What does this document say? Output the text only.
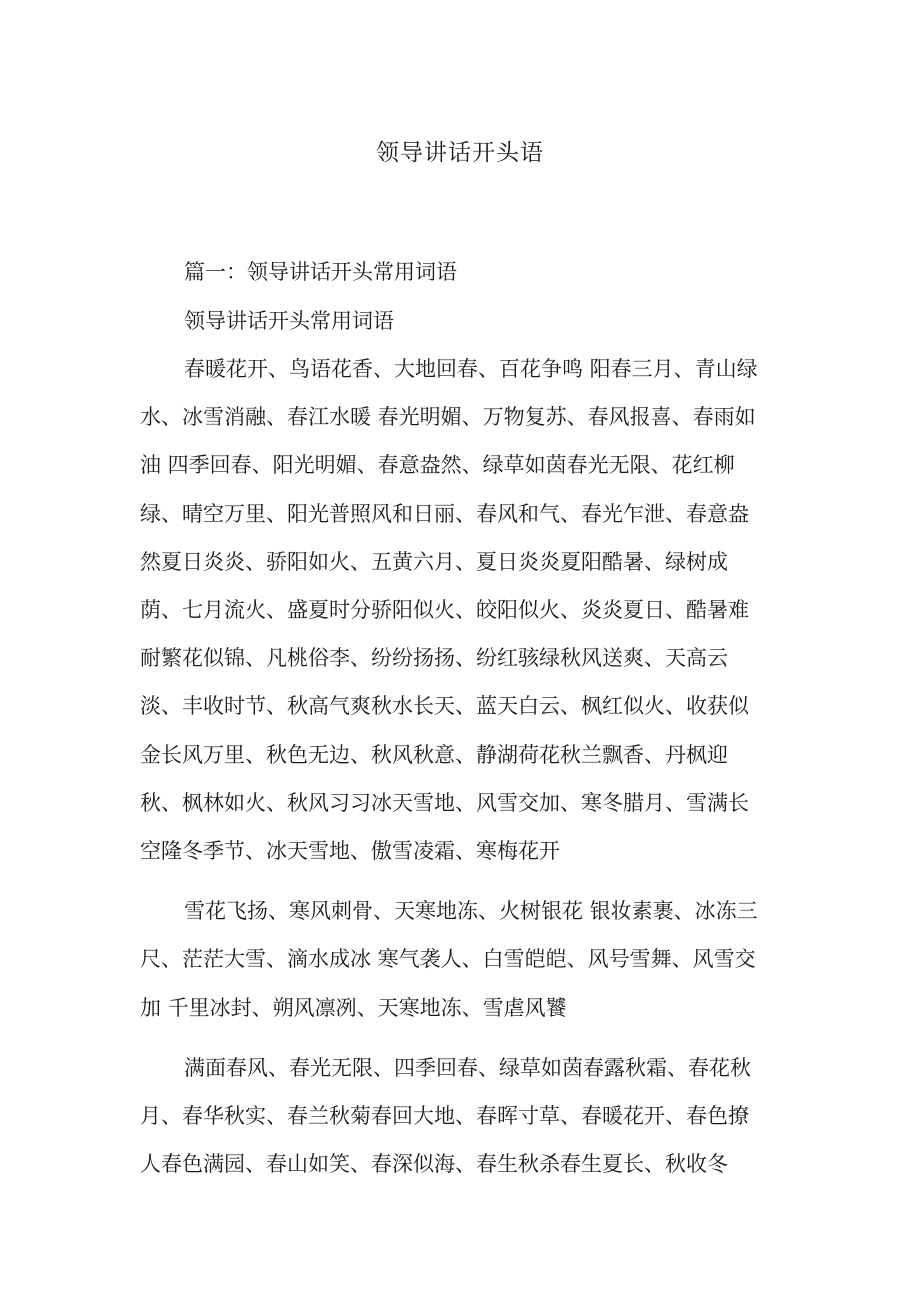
领导讲话开头语
篇一：领导讲话开头常用词语
领导讲话开头常用词语
春暖花开、鸟语花香、大地回春、百花争鸣 阳春三月、青山绿
水、冰雪消融、春江水暖 春光明媚、万物复苏、春风报喜、春雨如
油 四季回春、阳光明媚、春意盎然、绿草如茵春光无限、花红柳
绿、晴空万里、阳光普照风和日丽、春风和气、春光乍泄、春意盎
然夏日炎炎、骄阳如火、五黄六月、夏日炎炎夏阳酷暑、绿树成
荫、七月流火、盛夏时分骄阳似火、皎阳似火、炎炎夏日、酷暑难
耐繁花似锦、凡桃俗李、纷纷扬扬、纷红骇绿秋风送爽、天高云
淡、丰收时节、秋高气爽秋水长天、蓝天白云、枫红似火、收获似
金长风万里、秋色无边、秋风秋意、静湖荷花秋兰飘香、丹枫迎
秋、枫林如火、秋风习习冰天雪地、风雪交加、寒冬腊月、雪满长
空隆冬季节、冰天雪地、傲雪凌霜、寒梅花开
雪花飞扬、寒风刺骨、天寒地冻、火树银花 银妆素裹、冰冻三
尺、茫茫大雪、滴水成冰 寒气袭人、白雪皑皑、风号雪舞、风雪交
加 千里冰封、朔风凛冽、天寒地冻、雪虐风饕
满面春风、春光无限、四季回春、绿草如茵春露秋霜、春花秋
月、春华秋实、春兰秋菊春回大地、春晖寸草、春暖花开、春色撩
人春色满园、春山如笑、春深似海、春生秋杀春生夏长、秋收冬
